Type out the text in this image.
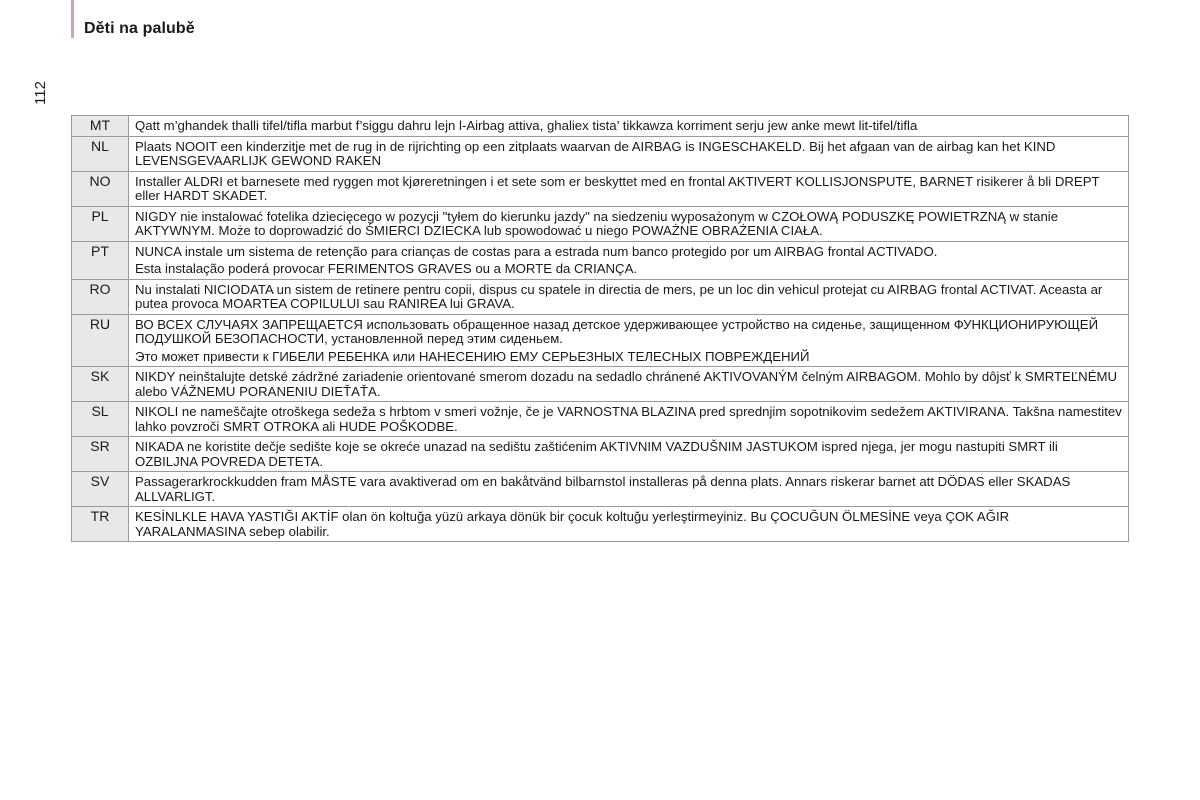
Děti na palubě
112
MT	Qatt m’ghandek thalli tifel/tifla marbut f’siggu dahru lejn l-Airbag attiva, ghaliex tista’ tikkawza korriment serju jew anke mewt lit-tifel/tifla

NL	Plaats NOOIT een kinderzitje met de rug in de rijrichting op een zitplaats waarvan de AIRBAG is INGESCHAKELD. Bij het afgaan van de airbag kan het KIND LEVENSGEVAARLIJK GEWOND RAKEN

NO	Installer ALDRI et barnesete med ryggen mot kjøreretningen i et sete som er beskyttet med en frontal AKTIVERT KOLLISJONSPUTE, BARNET risikerer å bli DREPT eller HARDT SKADET.

PL	NIGDY nie instalować fotelika dziecięcego w pozycji "tyłem do kierunku jazdy" na siedzeniu wyposażonym w CZOŁOWĄ PODUSZKĘ POWIETRZNĄ w stanie AKTYWNYM. Może to doprowadzić do ŚMIERCI DZIECKA lub spowodować u niego POWAŻNE OBRAŻENIA CIAŁA.

PT	NUNCA instale um sistema de retenção para crianças de costas para a estrada num banco protegido por um AIRBAG frontal ACTIVADO.
Esta instalação poderá provocar FERIMENTOS GRAVES ou a MORTE da CRIANÇA.

RO	Nu instalati NICIODATA un sistem de retinere pentru copii, dispus cu spatele in directia de mers, pe un loc din vehicul protejat cu AIRBAG frontal ACTIVAT. Aceasta ar putea provoca MOARTEA COPILULUI sau RANIREA lui GRAVA.

RU	ВО ВСЕХ СЛУЧАЯХ ЗАПРЕЩАЕТСЯ использовать обращенное назад детское удерживающее устройство на сиденье, защищенном ФУНКЦИОНИРУЮЩЕЙ ПОДУШКОЙ БЕЗОПАСНОСТИ, установленной перед этим сиденьем.
Это может привести к ГИБЕЛИ РЕБЕНКА или НАНЕСЕНИЮ ЕМУ СЕРЬЕЗНЫХ ТЕЛЕСНЫХ ПОВРЕЖДЕНИЙ

SK	NIKDY neinštalujte detské zádržné zariadenie orientované smerom dozadu na sedadlo chránené AKTIVOVANÝM čelným AIRBAGOM. Mohlo by dôjsť k SMRTEĽNÉMU alebo VÁŽNEMU PORANENIU DIEŤAŤA.

SL	NIKOLI ne nameščajte otroškega sedeža s hrbtom v smeri vožnje, če je VARNOSTNA BLAZINA pred sprednjim sopotnikovim sedežem AKTIVIRANA. Takšna namestitev lahko povzroči SMRT OTROKA ali HUDE POŠKODBE.

SR	NIKADA ne koristite dečje sedište koje se okreće unazad na sedištu zaštićenim AKTIVNIM VAZDUŠNIM JASTUKOM ispred njega, jer mogu nastupiti SMRT ili OZBILJNA POVREDA DETETA.

SV	Passagerarkrockkudden fram MÅSTE vara avaktiverad om en bakåtvänd bilbarnstol installeras på denna plats. Annars riskerar barnet att DÖDAS eller SKADAS ALLVARLIGT.

TR	KESİNLKLE HAVA YASTIĞI AKTİF olan ön koltuğa yüzü arkaya dönük bir çocuk koltuğu yerleştirmeyiniz. Bu ÇOCUĞUN ÖLMESİNE veya ÇOK AĞIR YARALANMASINA sebep olabilir.
